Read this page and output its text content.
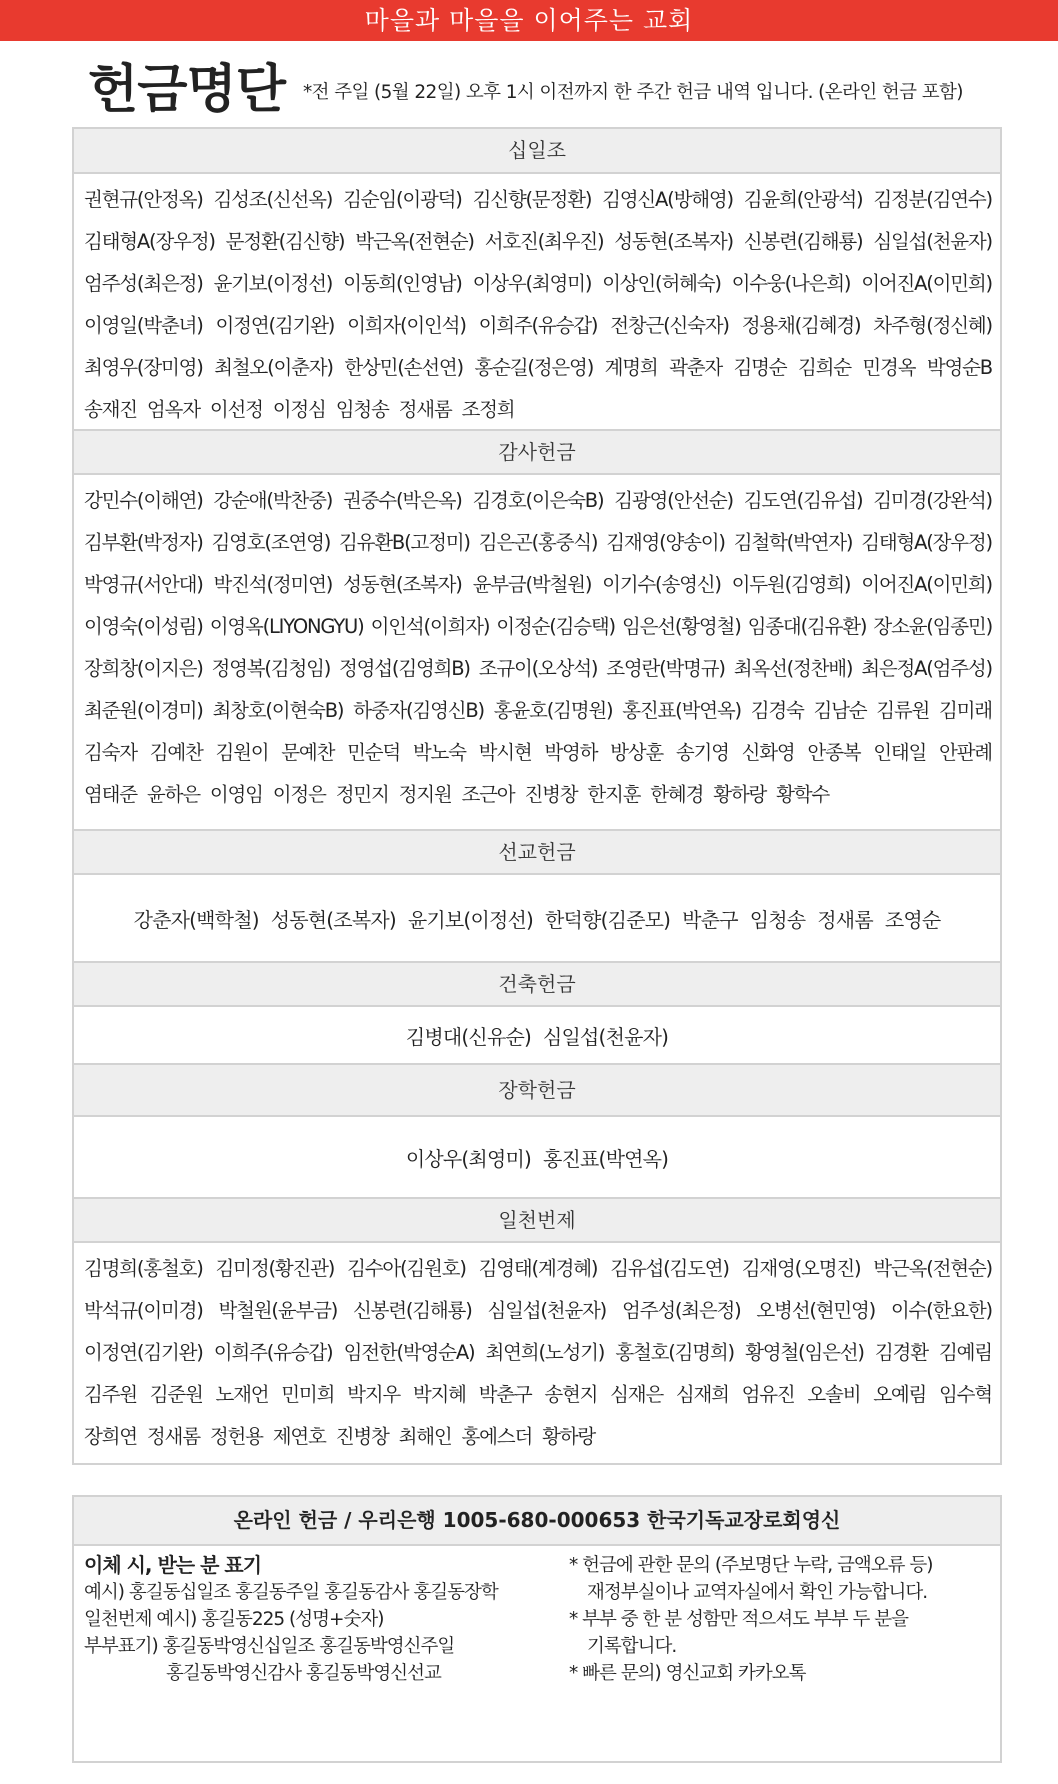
마을과 마을을 이어주는 교회
헌금명단 *전 주일 (5월 22일) 오후 1시 이전까지 한 주간 헌금 내역 입니다. (온라인 헌금 포함)
십일조
권현규(안정옥) 김성조(신선옥) 김순임(이광덕) 김신향(문정환) 김영신A(방해영) 김윤희(안광석) 김정분(김연수)
김태형A(장우정) 문정환(김신향) 박근옥(전현순) 서호진(최우진) 성동현(조복자) 신봉련(김해룡) 심일섭(천윤자)
엄주성(최은정) 윤기보(이정선) 이동희(인영남) 이상우(최영미) 이상인(허혜숙) 이수웅(나은희) 이어진A(이민희)
이영일(박춘녀) 이정연(김기완) 이희자(이인석) 이희주(유승갑) 전창근(신숙자) 정용채(김혜경) 차주형(정신혜)
최영우(장미영) 최철오(이춘자) 한상민(손선연) 홍순길(정은영) 계명희 곽춘자 김명순 김희순 민경옥 박영순B
송재진 엄옥자 이선정 이정심 임청송 정새롬 조정희
감사헌금
강민수(이해연) 강순애(박찬중) 권중수(박은옥) 김경호(이은숙B) 김광영(안선순) 김도연(김유섭) 김미경(강완석)
김부환(박정자) 김영호(조연영) 김유환B(고정미) 김은곤(홍중식) 김재영(양송이) 김철학(박연자) 김태형A(장우정)
박영규(서안대) 박진석(정미연) 성동현(조복자) 윤부금(박철원) 이기수(송영신) 이두원(김영희) 이어진A(이민희)
이영숙(이성림) 이영옥(LIYONGYU) 이인석(이희자) 이정순(김승택) 임은선(황영철) 임종대(김유환) 장소윤(임종민)
장희창(이지은) 정영복(김청임) 정영섭(김영희B) 조규이(오상석) 조영란(박명규) 최옥선(정찬배) 최은정A(엄주성)
최준원(이경미) 최창호(이현숙B) 하중자(김영신B) 홍윤호(김명원) 홍진표(박연옥) 김경숙 김남순 김류원 김미래
김숙자 김예찬 김원이 문예찬 민순덕 박노숙 박시현 박영하 방상훈 송기영 신화영 안종복 인태일 안판례
염태준 윤하은 이영임 이정은 정민지 정지원 조근아 진병창 한지훈 한혜경 황하랑 황학수
선교헌금
강춘자(백학철) 성동현(조복자) 윤기보(이정선) 한덕향(김준모) 박춘구 임청송 정새롬 조영순
건축헌금
김병대(신유순) 심일섭(천윤자)
장학헌금
이상우(최영미) 홍진표(박연옥)
일천번제
김명희(홍철호) 김미정(황진관) 김수아(김원호) 김영태(계경혜) 김유섭(김도연) 김재영(오명진) 박근옥(전현순)
박석규(이미경) 박철원(윤부금) 신봉련(김해룡) 심일섭(천윤자) 엄주성(최은정) 오병선(현민영) 이수(한요한)
이정연(김기완) 이희주(유승갑) 임전한(박영순A) 최연희(노성기) 홍철호(김명희) 황영철(임은선) 김경환 김예림
김주원 김준원 노재언 민미희 박지우 박지혜 박춘구 송현지 심재은 심재희 엄유진 오솔비 오예림 임수혁
장희연 정새롬 정헌용 제연호 진병창 최해인 홍에스더 황하랑
온라인 헌금 / 우리은행 1005-680-000653 한국기독교장로회영신
이체 시, 받는 분 표기
예시) 홍길동십일조 홍길동주일 홍길동감사 홍길동장학
일천번제 예시) 홍길동225 (성명+숫자)
부부표기) 홍길동박영신십일조 홍길동박영신주일
홍길동박영신감사 홍길동박영신선교
* 헌금에 관한 문의 (주보명단 누락, 금액오류 등)
재정부실이나 교역자실에서 확인 가능합니다.
* 부부 중 한 분 성함만 적으셔도 부부 두 분을
기록합니다.
* 빠른 문의) 영신교회 카카오톡
